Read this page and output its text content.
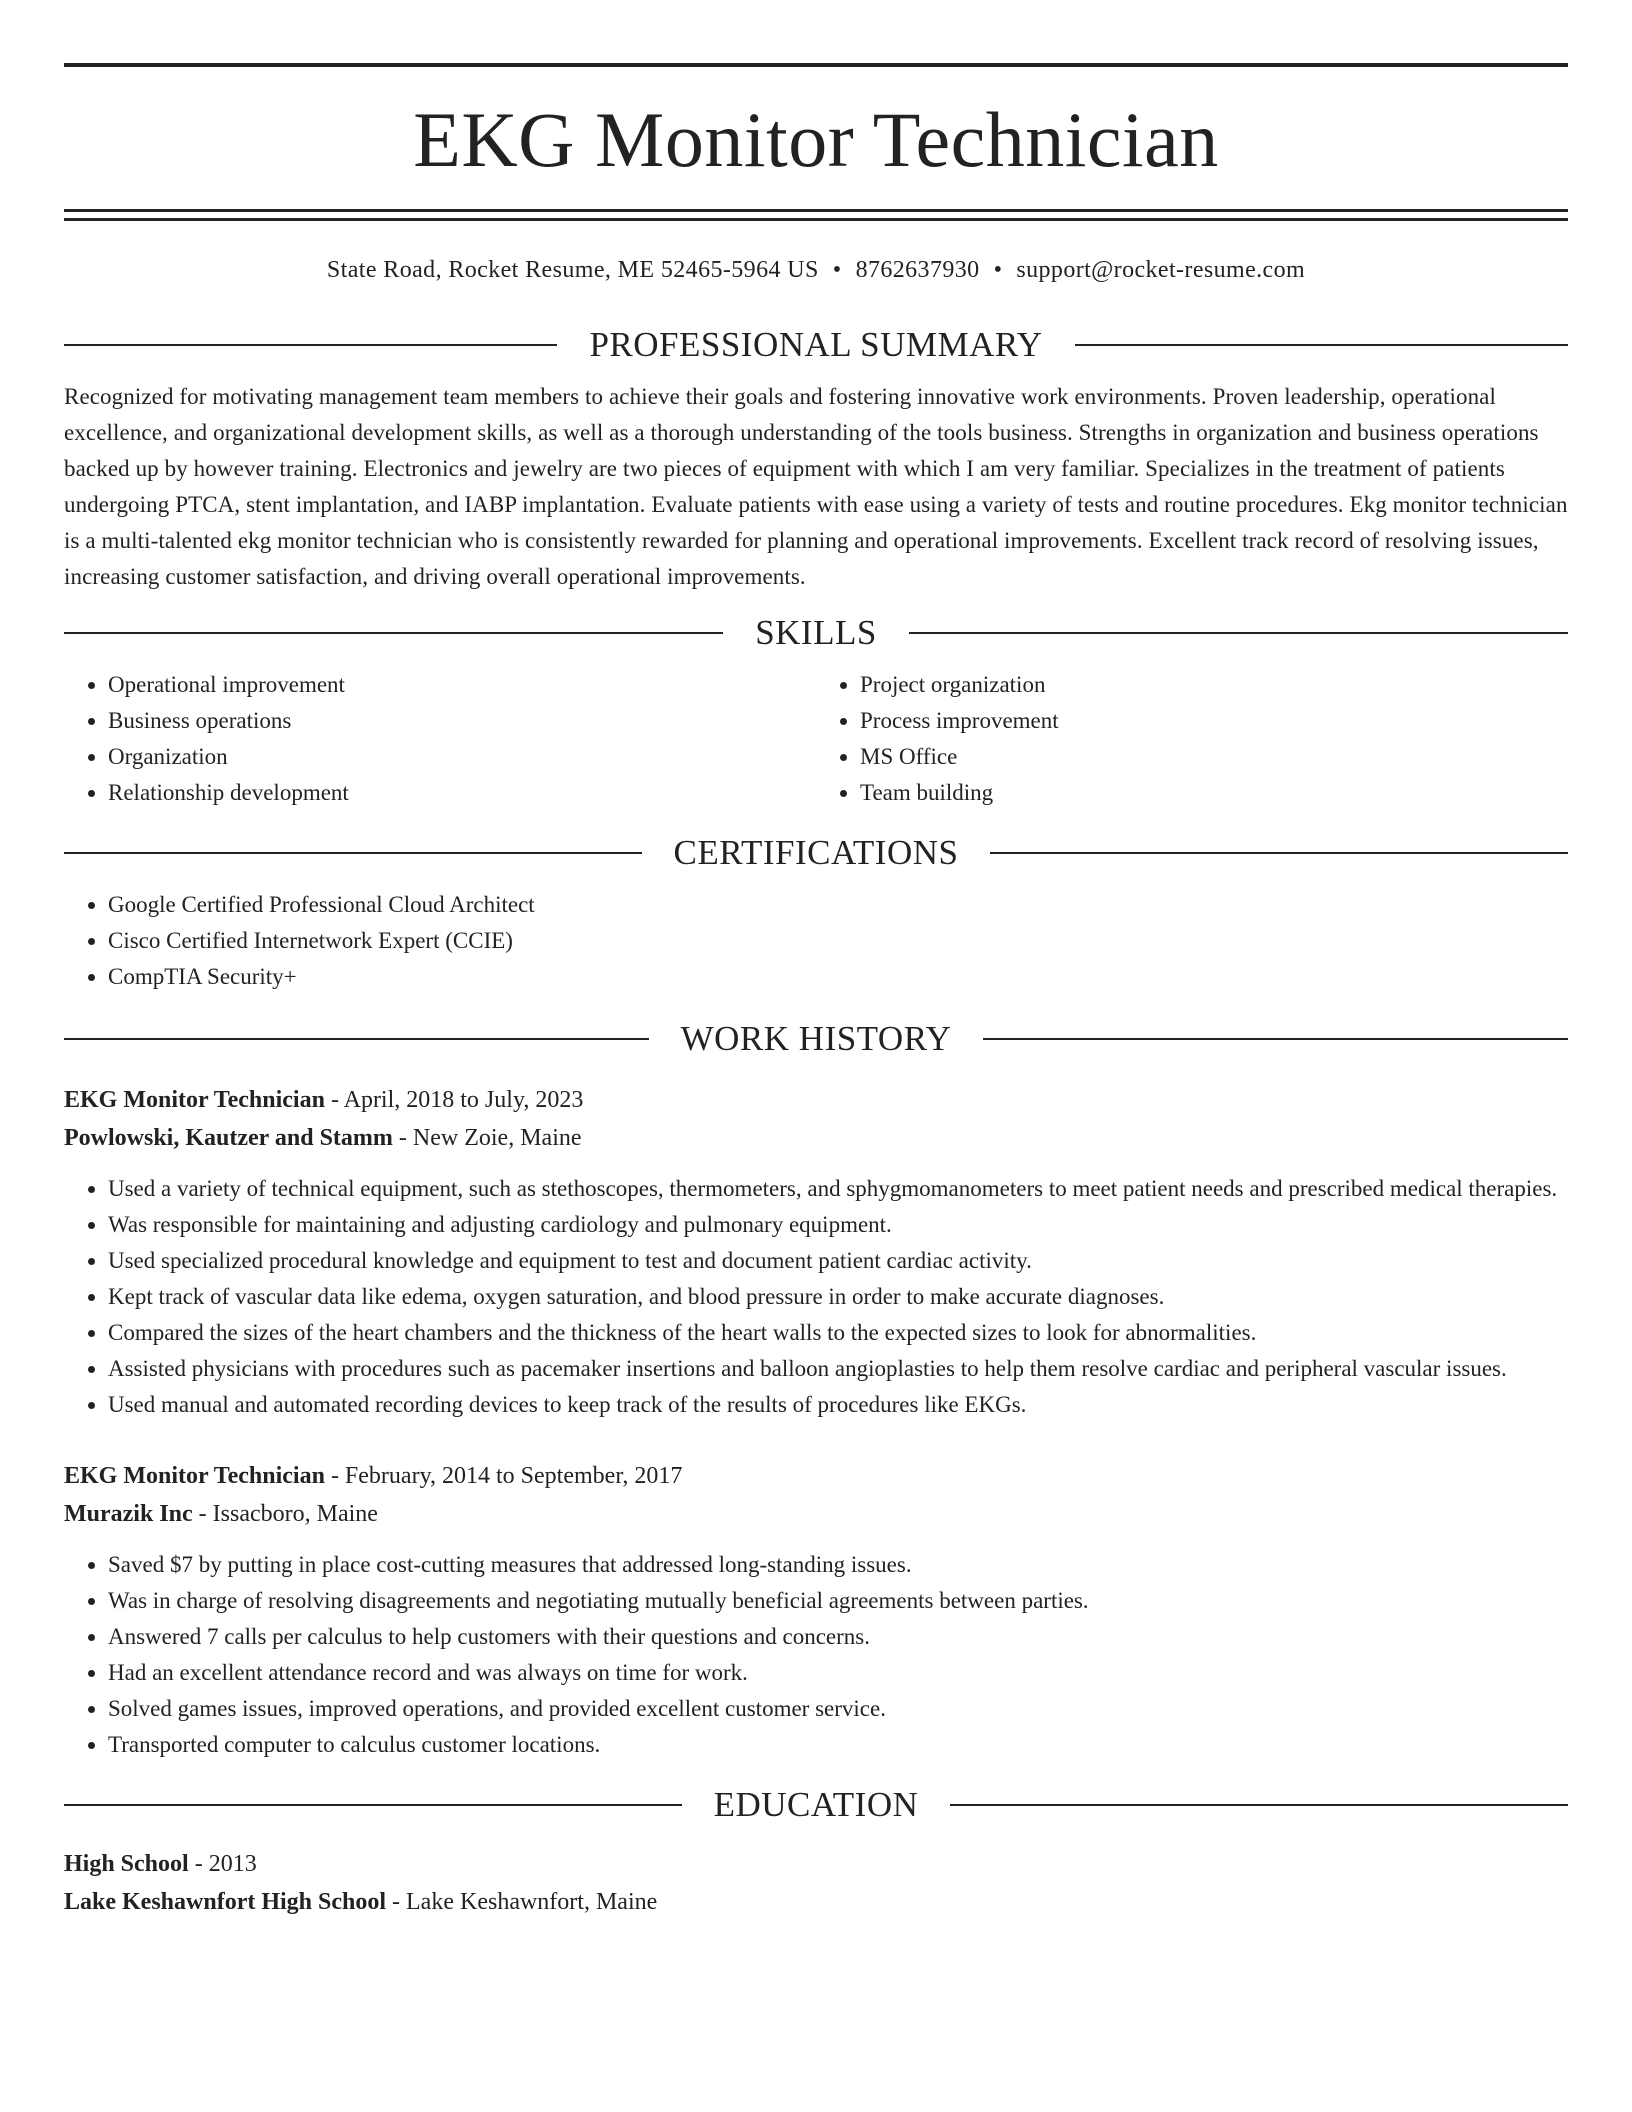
EKG Monitor Technician
State Road, Rocket Resume, ME 52465-5964 US • 8762637930 • support@rocket-resume.com
PROFESSIONAL SUMMARY

Recognized for motivating management team members to achieve their goals and fostering innovative work environments. Proven leadership, operational excellence, and organizational development skills, as well as a thorough understanding of the tools business. Strengths in organization and business operations backed up by however training. Electronics and jewelry are two pieces of equipment with which I am very familiar. Specializes in the treatment of patients undergoing PTCA, stent implantation, and IABP implantation. Evaluate patients with ease using a variety of tests and routine procedures. Ekg monitor technician is a multi-talented ekg monitor technician who is consistently rewarded for planning and operational improvements. Excellent track record of resolving issues, increasing customer satisfaction, and driving overall operational improvements.

SKILLS
• Operational improvement
• Business operations
• Organization
• Relationship development
• Project organization
• Process improvement
• MS Office
• Team building
CERTIFICATIONS
• Google Certified Professional Cloud Architect
• Cisco Certified Internetwork Expert (CCIE)
• CompTIA Security+
WORK HISTORY
EKG Monitor Technician - April, 2018 to July, 2023
Powlowski, Kautzer and Stamm - New Zoie, Maine
• Used a variety of technical equipment, such as stethoscopes, thermometers, and sphygmomanometers to meet patient needs and prescribed medical therapies.
• Was responsible for maintaining and adjusting cardiology and pulmonary equipment.
• Used specialized procedural knowledge and equipment to test and document patient cardiac activity.
• Kept track of vascular data like edema, oxygen saturation, and blood pressure in order to make accurate diagnoses.
• Compared the sizes of the heart chambers and the thickness of the heart walls to the expected sizes to look for abnormalities.
• Assisted physicians with procedures such as pacemaker insertions and balloon angioplasties to help them resolve cardiac and peripheral vascular issues.
• Used manual and automated recording devices to keep track of the results of procedures like EKGs.
EKG Monitor Technician - February, 2014 to September, 2017
Murazik Inc - Issacboro, Maine
• Saved $7 by putting in place cost-cutting measures that addressed long-standing issues.
• Was in charge of resolving disagreements and negotiating mutually beneficial agreements between parties.
• Answered 7 calls per calculus to help customers with their questions and concerns.
• Had an excellent attendance record and was always on time for work.
• Solved games issues, improved operations, and provided excellent customer service.
• Transported computer to calculus customer locations.
EDUCATION
High School - 2013
Lake Keshawnfort High School - Lake Keshawnfort, Maine
